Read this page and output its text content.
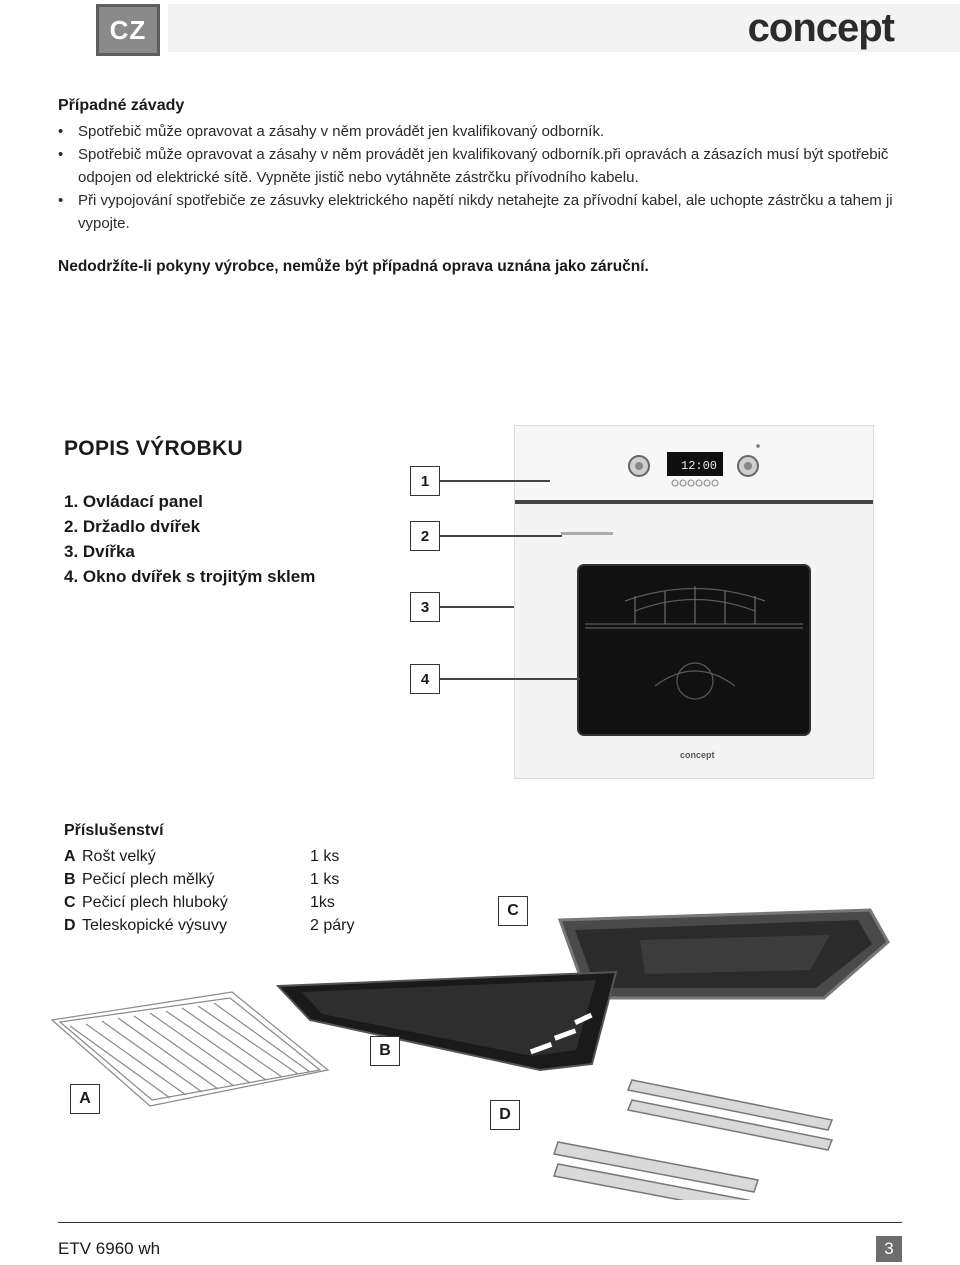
CZ	concept
Případné závady
• Spotřebič může opravovat a zásahy v něm provádět jen kvalifikovaný odborník.
• Spotřebič může opravovat a zásahy v něm provádět jen kvalifikovaný odborník.při opravách a zásazích musí být spotřebič odpojen od elektrické sítě. Vypněte jistič nebo vytáhněte zástrčku přívodního kabelu.
• Při vypojování spotřebiče ze zásuvky elektrického napětí nikdy netahejte za přívodní kabel, ale uchopte zástrčku a tahem ji vypojte.
Nedodržíte-li pokyny výrobce, nemůže být případná oprava uznána jako záruční.
POPIS VÝROBKU
1. Ovládací panel
2. Držadlo dvířek
3. Dvířka
4. Okno dvířek s trojitým sklem
12:00
concept
1
2
3
4
Příslušenství
A	Rošt velký	1 ks
B	Pečicí plech mělký	1 ks
C	Pečicí plech hluboký	1ks
D	Teleskopické výsuvy	2 páry
C
B
A
D
ETV 6960 wh	3
